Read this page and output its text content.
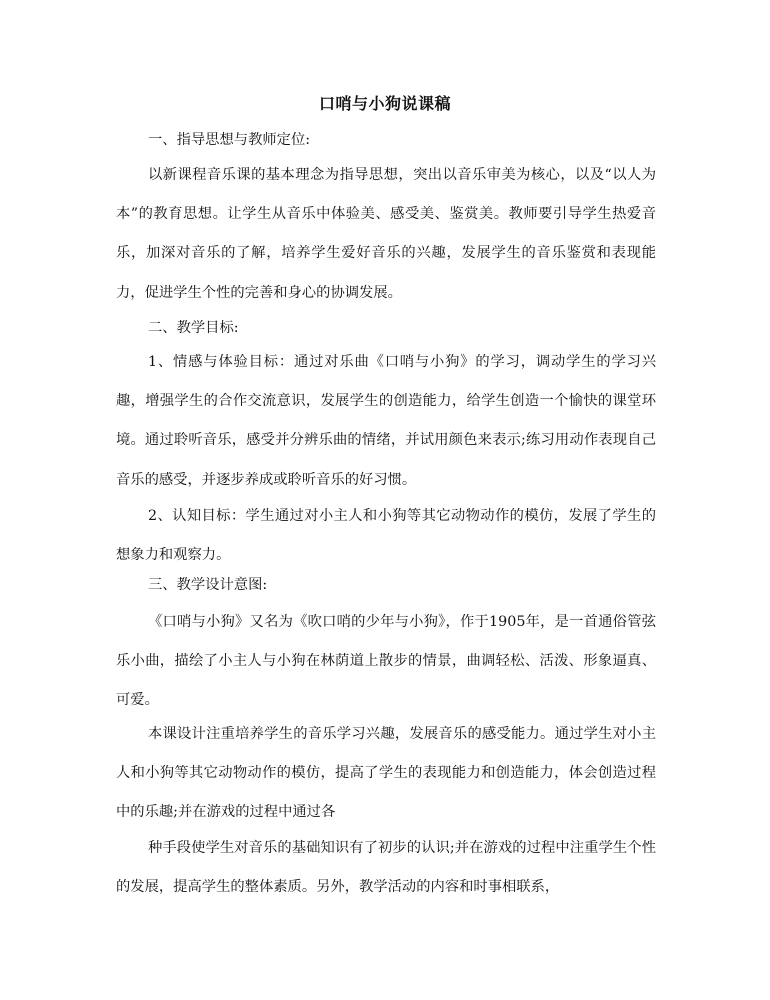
口哨与小狗说课稿
一、指导思想与教师定位:
以新课程音乐课的基本理念为指导思想，突出以音乐审美为核心，以及“以人为本”的教育思想。让学生从音乐中体验美、感受美、鉴赏美。教师要引导学生热爱音乐，加深对音乐的了解，培养学生爱好音乐的兴趣，发展学生的音乐鉴赏和表现能力，促进学生个性的完善和身心的协调发展。
二、教学目标:
1、情感与体验目标：通过对乐曲《口哨与小狗》的学习，调动学生的学习兴趣，增强学生的合作交流意识，发展学生的创造能力，给学生创造一个愉快的课堂环境。通过聆听音乐，感受并分辨乐曲的情绪，并试用颜色来表示;练习用动作表现自己音乐的感受，并逐步养成或聆听音乐的好习惯。
2、认知目标：学生通过对小主人和小狗等其它动物动作的模仿，发展了学生的想象力和观察力。
三、教学设计意图:
《口哨与小狗》又名为《吹口哨的少年与小狗》，作于1905年，是一首通俗管弦乐小曲，描绘了小主人与小狗在林荫道上散步的情景，曲调轻松、活泼、形象逼真、可爱。
本课设计注重培养学生的音乐学习兴趣，发展音乐的感受能力。通过学生对小主人和小狗等其它动物动作的模仿，提高了学生的表现能力和创造能力，体会创造过程中的乐趣;并在游戏的过程中通过各
种手段使学生对音乐的基础知识有了初步的认识;并在游戏的过程中注重学生个性的发展，提高学生的整体素质。另外，教学活动的内容和时事相联系，
